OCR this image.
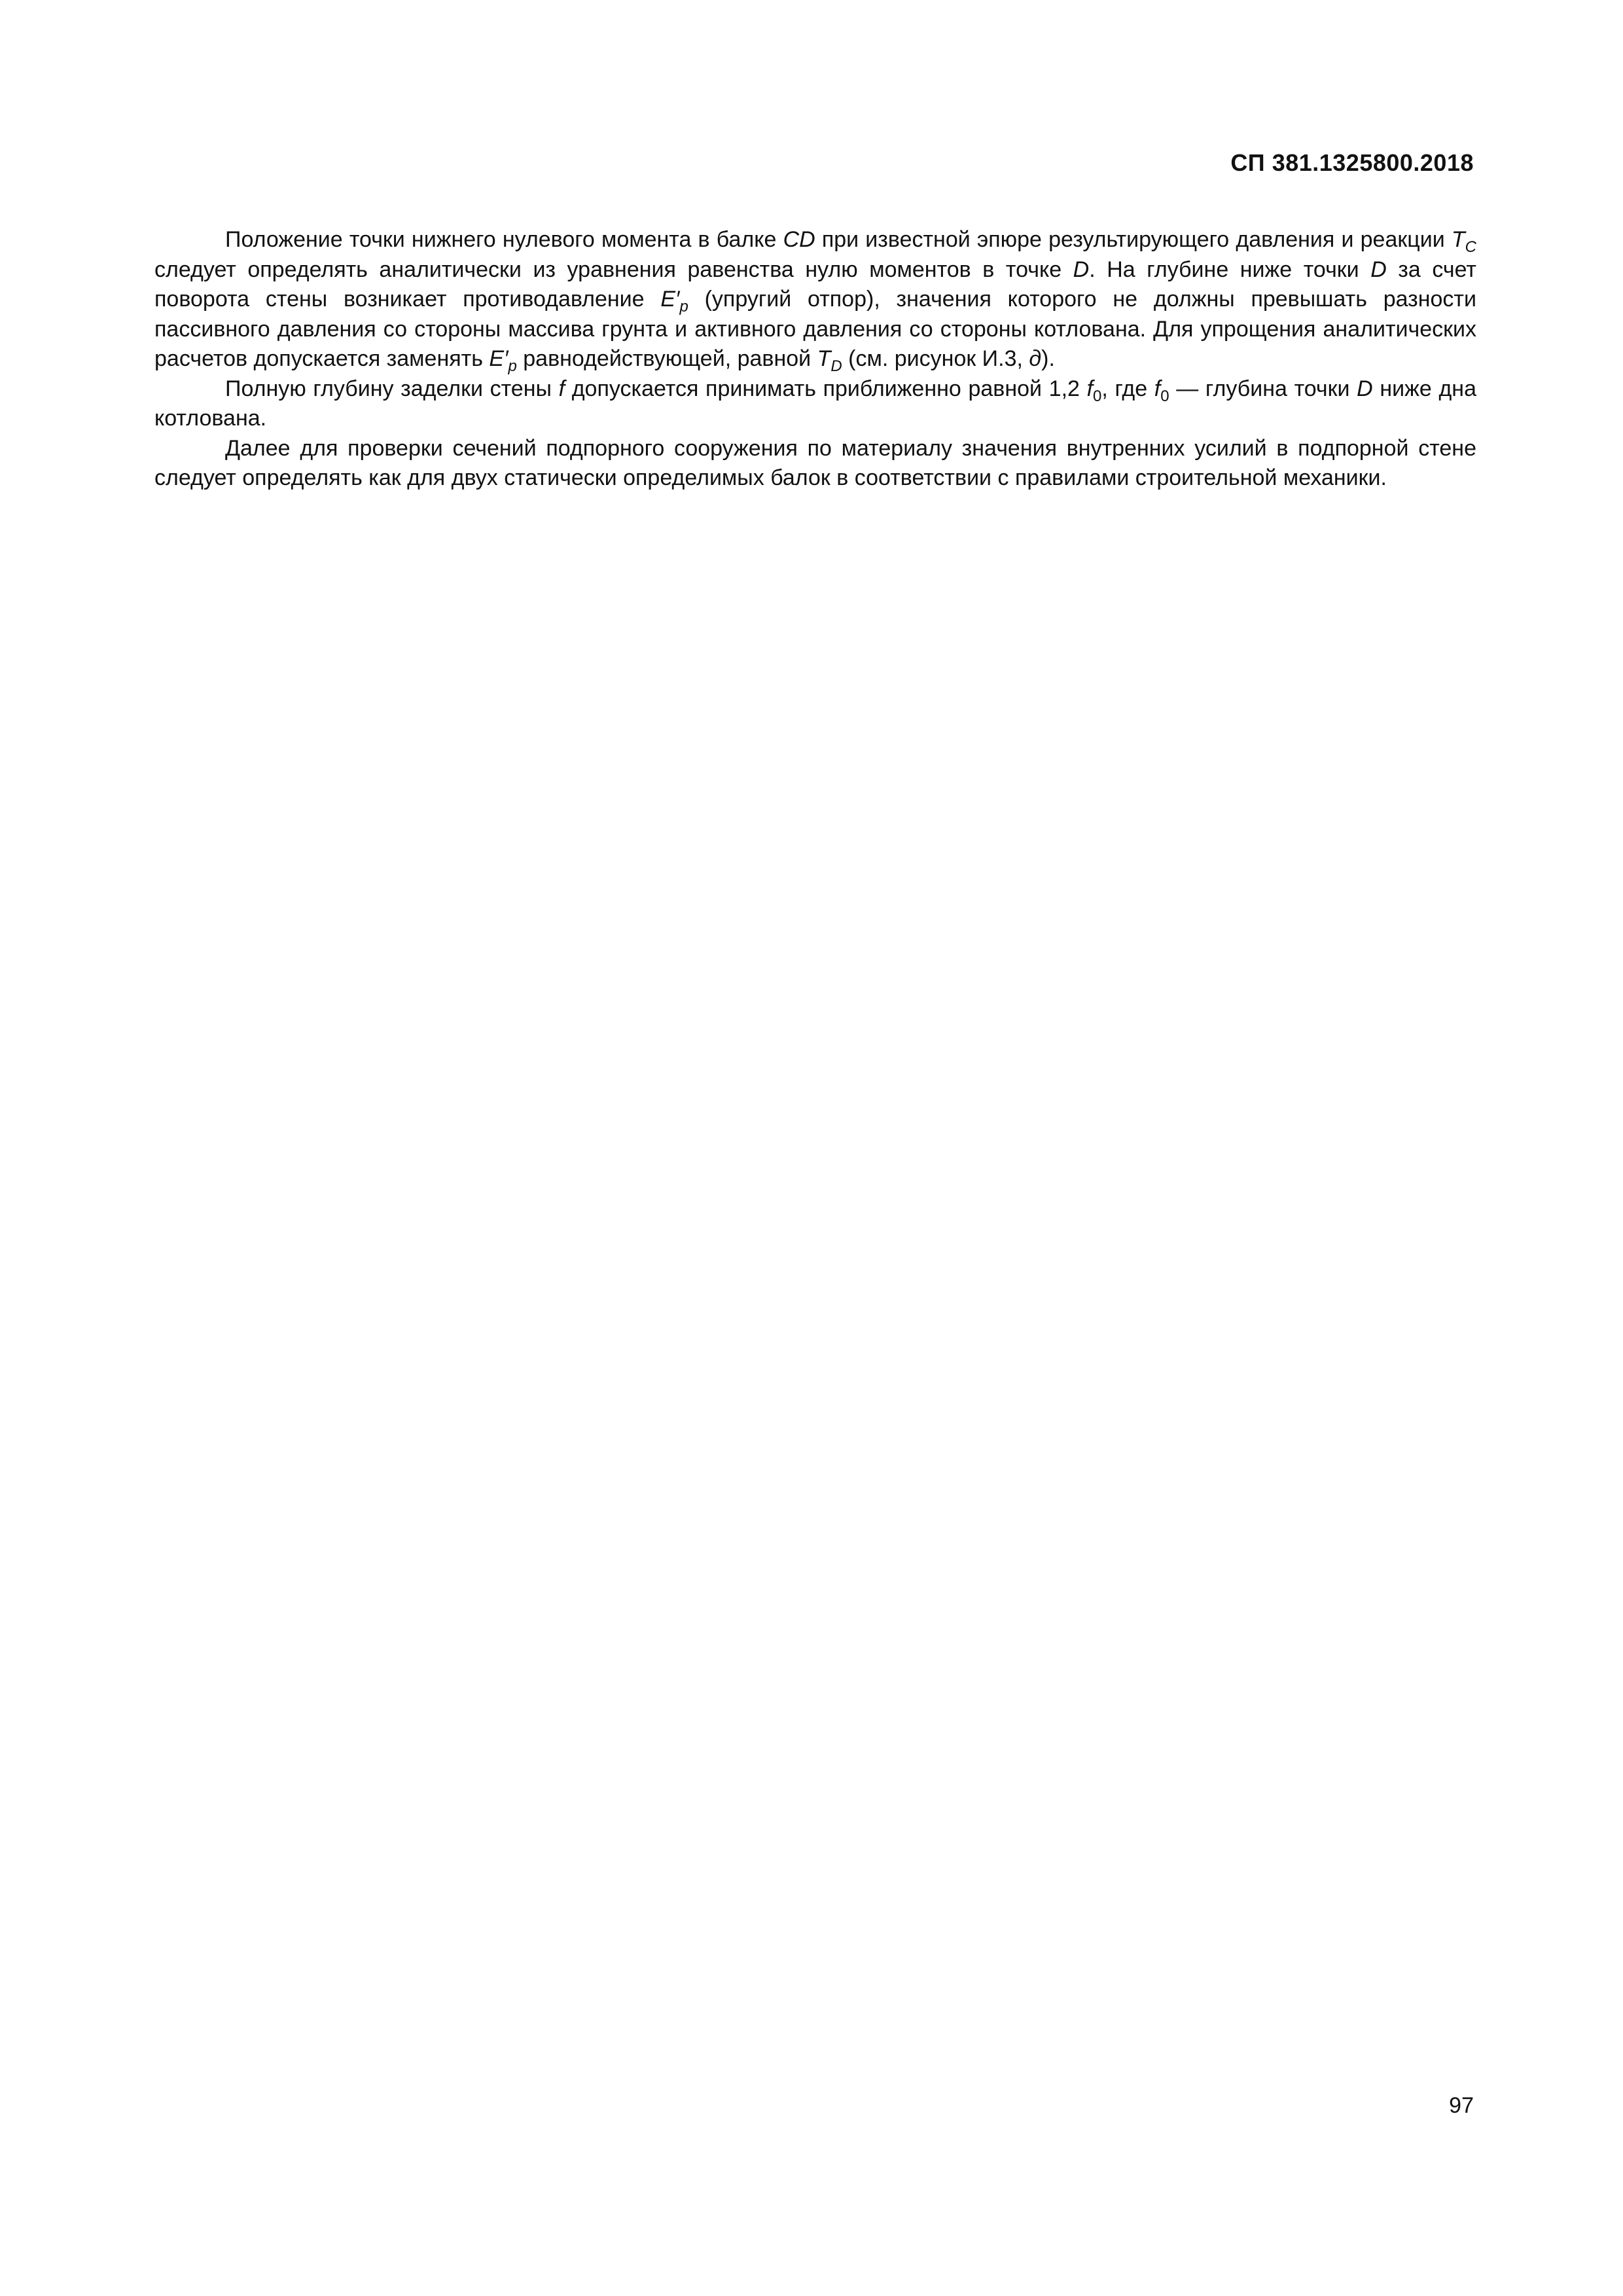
СП 381.1325800.2018

Положение точки нижнего нулевого момента в балке CD при известной эпюре результирующего давления и реакции $T_C$ следует определять аналитически из уравнения равенства нулю моментов в точке D. На глубине ниже точки D за счет поворота стены возникает противодавление $E'_p$ (упругий отпор), значения которого не должны превышать разности пассивного давления со стороны массива грунта и активного давления со стороны котлована. Для упрощения аналитических расчетов допускается заменять $E'_p$ равнодействующей, равной $T_D$ (см. рисунок И.3, д).

Полную глубину заделки стены f допускается принимать приближенно равной 1,2 $f_0$, где $f_0$ — глубина точки D ниже дна котлована.

Далее для проверки сечений подпорного сооружения по материалу значения внутренних усилий в подпорной стене следует определять как для двух статически определимых балок в соответствии с правилами строительной механики.

97
